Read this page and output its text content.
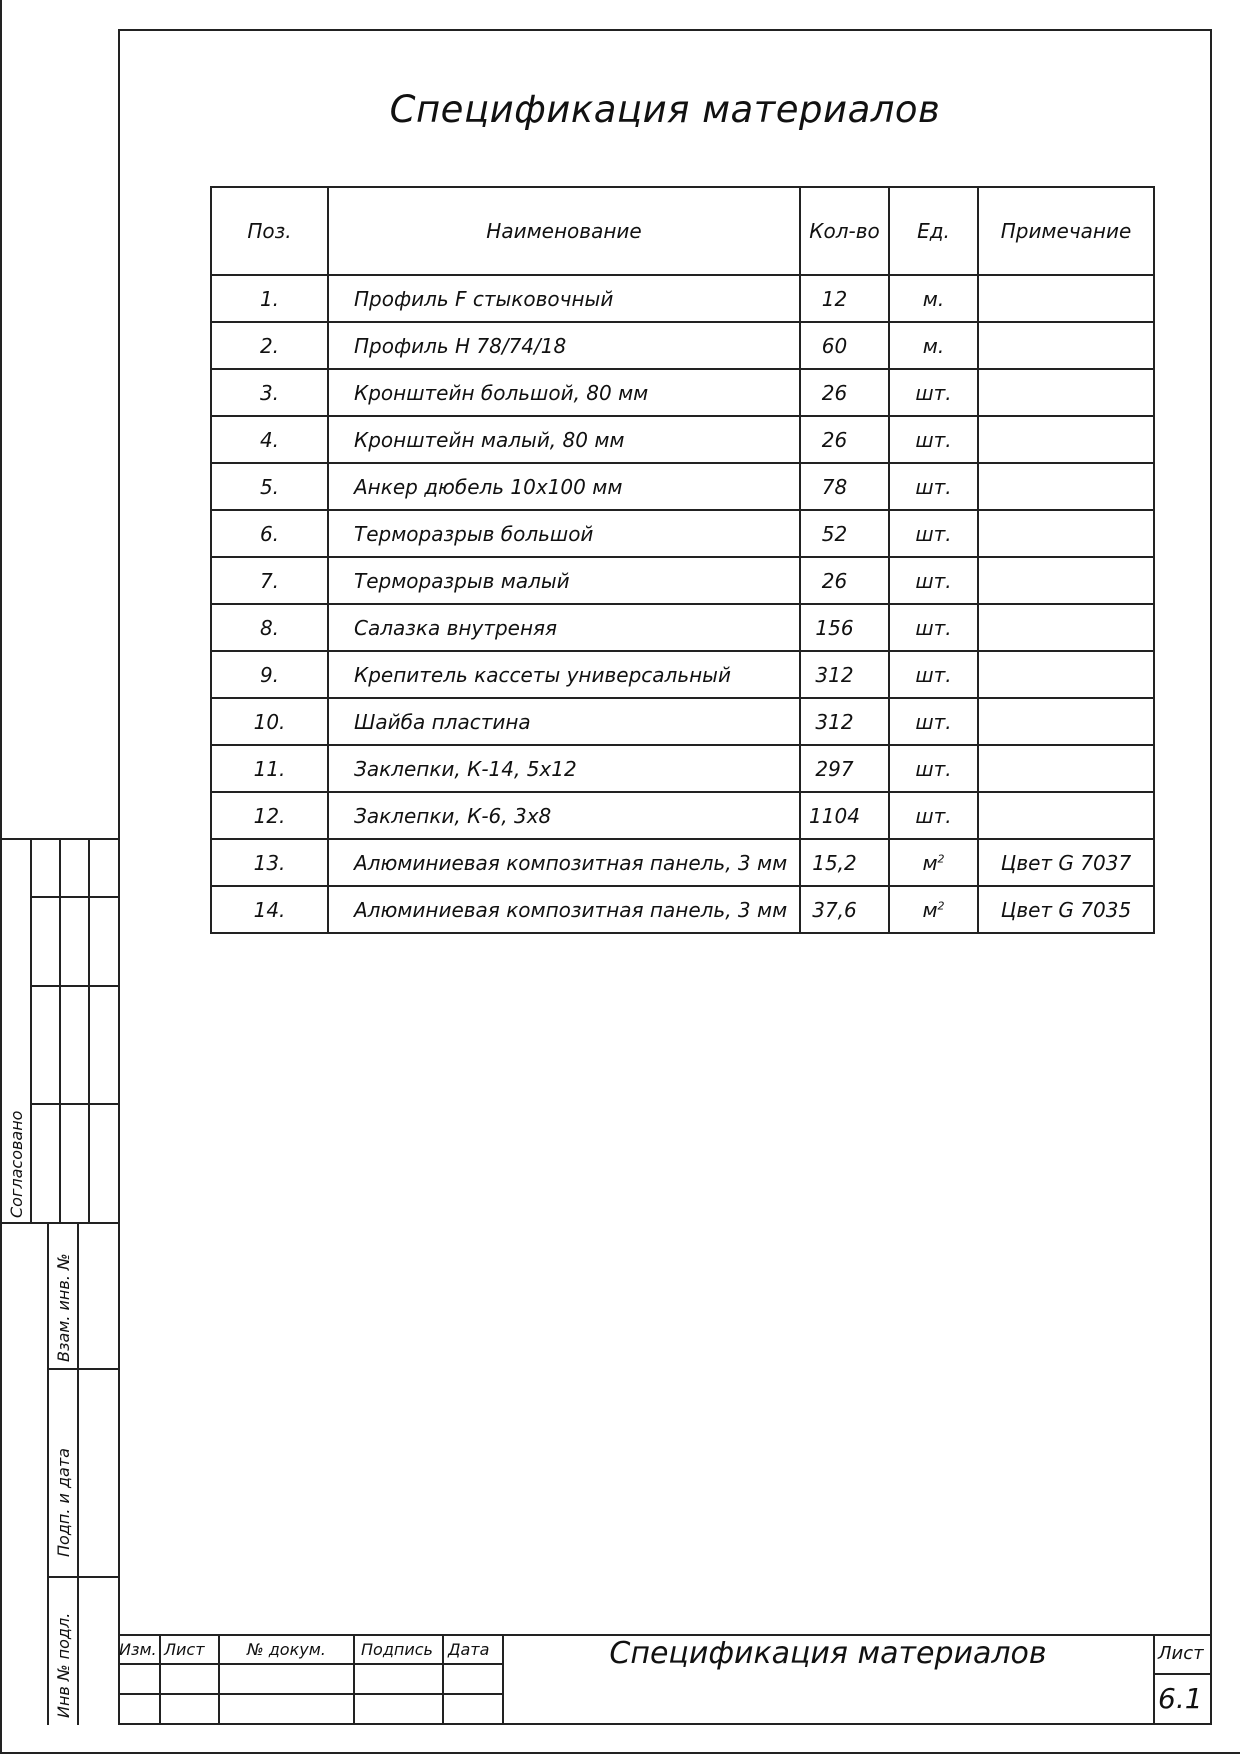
Спецификация материалов
Поз.	Наименование	Кол-во	Ед.	Примечание
1.	Профиль F стыковочный	12	м.	
2.	Профиль Н 78/74/18	60	м.	
3.	Кронштейн большой, 80 мм	26	шт.	
4.	Кронштейн малый, 80 мм	26	шт.	
5.	Анкер дюбель 10х100 мм	78	шт.	
6.	Терморазрыв большой	52	шт.	
7.	Терморазрыв малый	26	шт.	
8.	Салазка внутреняя	156	шт.	
9.	Крепитель кассеты универсальный	312	шт.	
10.	Шайба пластина	312	шт.	
11.	Заклепки, К-14, 5х12	297	шт.	
12.	Заклепки, К-6, 3х8	1104	шт.	
13.	Алюминиевая композитная панель, 3 мм	15,2	$м^2$	Цвет G 7037
14.	Алюминиевая композитная панель, 3 мм	37,6	$м^2$	Цвет G 7035
Согласовано
Взам. инв. №
Подп. и дата
Инв № подл.	Изм. Лист	№ докум. Подпись Дата	Спецификация материалов	Лист
6.1
